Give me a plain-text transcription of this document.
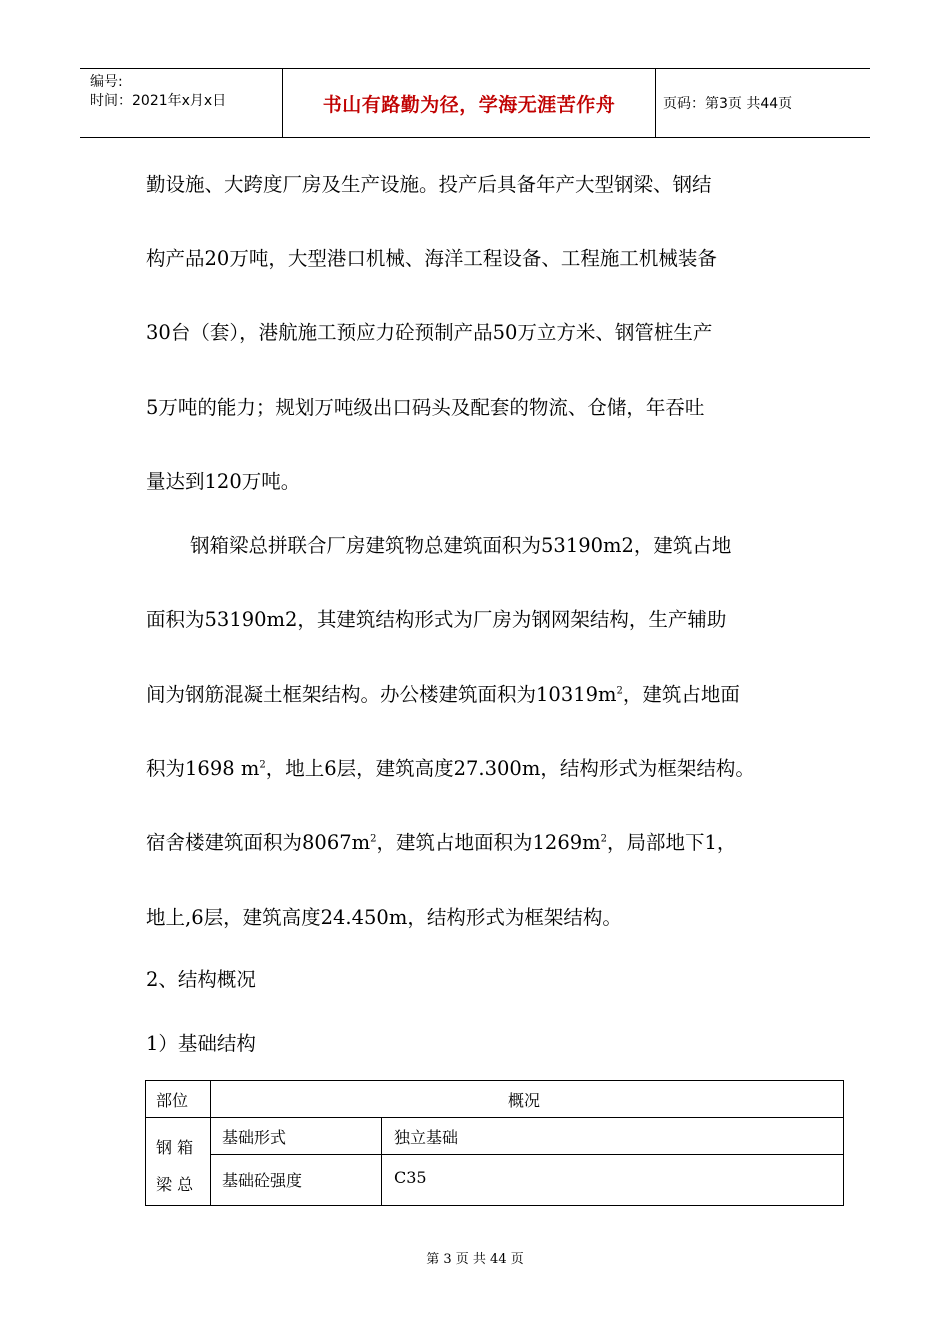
编号:
时间：2021年x月x日	书山有路勤为径，学海无涯苦作舟	页码：第3页 共44页
勤设施、大跨度厂房及生产设施。投产后具备年产大型钢梁、钢结
构产品20万吨，大型港口机械、海洋工程设备、工程施工机械装备
30台（套），港航施工预应力砼预制产品50万立方米、钢管桩生产
5万吨的能力；规划万吨级出口码头及配套的物流、仓储，年吞吐
量达到120万吨。
钢箱梁总拼联合厂房建筑物总建筑面积为53190m2，建筑占地
面积为53190m2，其建筑结构形式为厂房为钢网架结构，生产辅助
间为钢筋混凝土框架结构。办公楼建筑面积为$10319m^2$，建筑占地面
积为1698 $m^2$，地上6层，建筑高度27.300m，结构形式为框架结构。
宿舍楼建筑面积为$8067m^2$，建筑占地面积为$1269m^2$，局部地下1，
地上,6层，建筑高度24.450m，结构形式为框架结构。
2、结构概况
1）基础结构
部位	概况
钢 箱
梁 总
基础形式	独立基础
基础砼强度	C35
第 3 页 共 44 页
